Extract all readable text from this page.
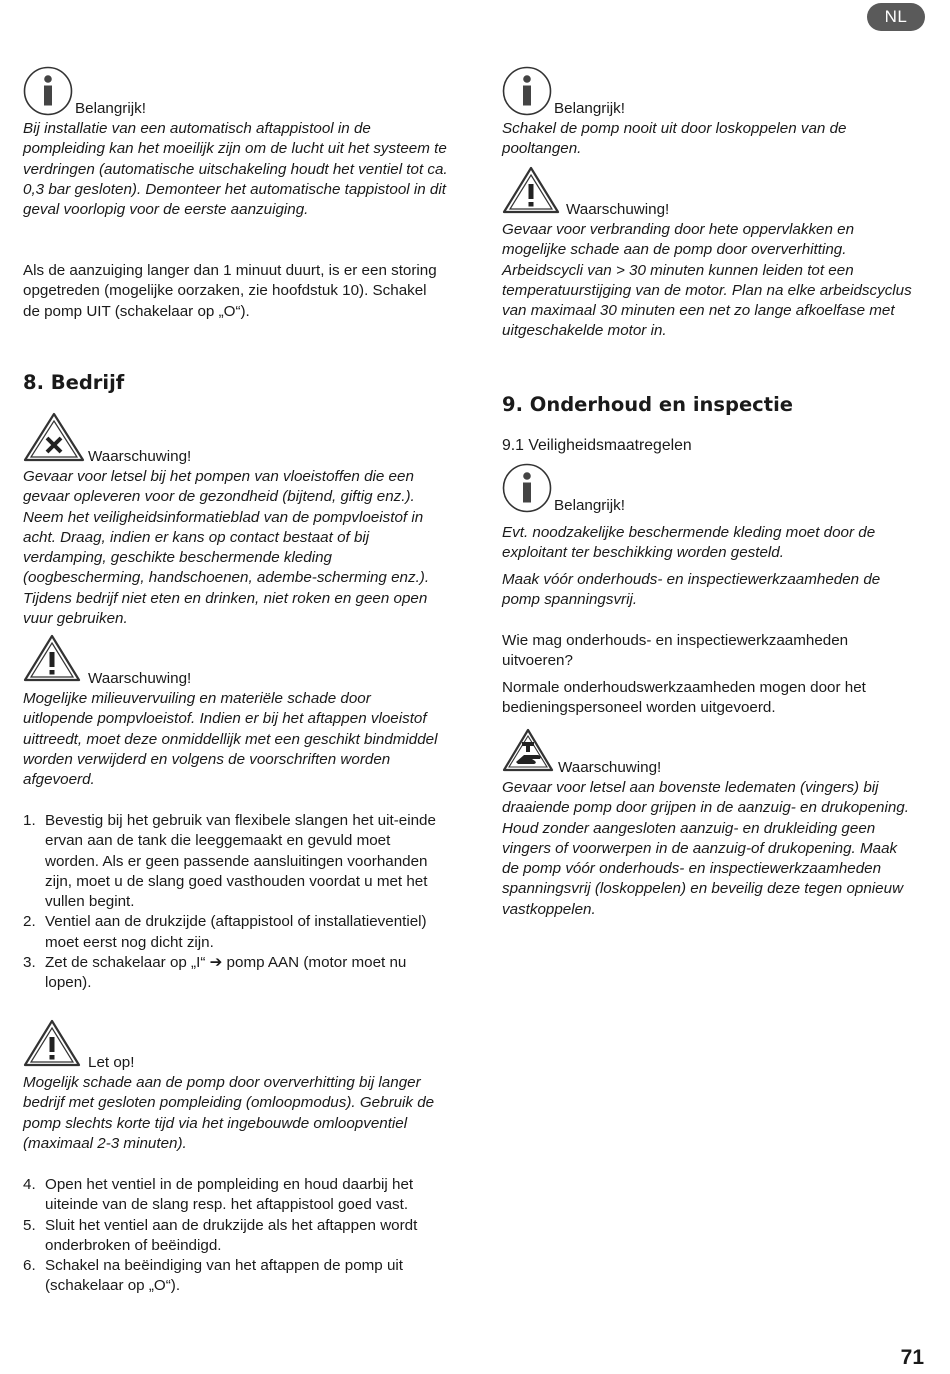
NL
Belangrijk!

Bij installatie van een automatisch aftappistool in de pompleiding kan het moeilijk zijn om de lucht uit het systeem te verdringen (automatische uitschakeling houdt het ventiel tot ca. 0,3 bar gesloten). Demonteer het automatische tappistool in dit geval voorlopig voor de eerste aanzuiging.

Als de aanzuiging langer dan 1 minuut duurt, is er een storing opgetreden (mogelijke oorzaken, zie hoofdstuk 10). Schakel de pomp UIT (schakelaar op „O“).

8. Bedrijf
Waarschuwing!

Gevaar voor letsel bij het pompen van vloeistoffen die een gevaar opleveren voor de gezondheid (bijtend, giftig enz.). Neem het veiligheidsinformatieblad van de pompvloeistof in acht. Draag, indien er kans op contact bestaat of bij verdamping, geschikte beschermende kleding (oogbescherming, handschoenen, adembe-scherming enz.). Tijdens bedrijf niet eten en drinken, niet roken en geen open vuur gebruiken.

Waarschuwing!

Mogelijke milieuvervuiling en materiële schade door uitlopende pompvloeistof. Indien er bij het aftappen vloeistof uittreedt, moet deze onmiddellijk met een geschikt bindmiddel worden verwijderd en volgens de voorschriften worden afgevoerd.

1. Bevestig bij het gebruik van flexibele slangen het uit-einde ervan aan de tank die leeggemaakt en gevuld moet worden. Als er geen passende aansluitingen voorhanden zijn, moet u de slang goed vasthouden voordat u met het vullen begint.
2. Ventiel aan de drukzijde (aftappistool of installatieventiel) moet eerst nog dicht zijn.
3. Zet de schakelaar op „I“ ➔ pomp AAN (motor moet nu lopen).
Let op!

Mogelijk schade aan de pomp door oververhitting bij langer bedrijf met gesloten pompleiding (omloopmodus). Gebruik de pomp slechts korte tijd via het ingebouwde omloopventiel (maximaal 2-3 minuten).

4. Open het ventiel in de pompleiding en houd daarbij het uiteinde van de slang resp. het aftappistool goed vast.
5. Sluit het ventiel aan de drukzijde als het aftappen wordt onderbroken of beëindigd.
6. Schakel na beëindiging van het aftappen de pomp uit (schakelaar op „O“).
Belangrijk!

Schakel de pomp nooit uit door loskoppelen van de pooltangen.

Waarschuwing!

Gevaar voor verbranding door hete oppervlakken en mogelijke schade aan de pomp door oververhitting. Arbeidscycli van > 30 minuten kunnen leiden tot een temperatuurstijging van de motor. Plan na elke arbeidscyclus van maximaal 30 minuten een net zo lange afkoelfase met uitgeschakelde motor in.

9. Onderhoud en inspectie
9.1 Veiligheidsmaatregelen
Belangrijk!

Evt. noodzakelijke beschermende kleding moet door de exploitant ter beschikking worden gesteld.

Maak vóór onderhouds- en inspectiewerkzaamheden de pomp spanningsvrij.

Wie mag onderhouds- en inspectiewerkzaamheden uitvoeren?

Normale onderhoudswerkzaamheden mogen door het bedieningspersoneel worden uitgevoerd.

Waarschuwing!

Gevaar voor letsel aan bovenste ledematen (vingers) bij draaiende pomp door grijpen in de aanzuig- en drukopening. Houd zonder aangesloten aanzuig- en drukleiding geen vingers of voorwerpen in de aanzuig-of drukopening. Maak de pomp vóór onderhouds- en inspectiewerkzaamheden spanningsvrij (loskoppelen) en beveilig deze tegen opnieuw vastkoppelen.

71
